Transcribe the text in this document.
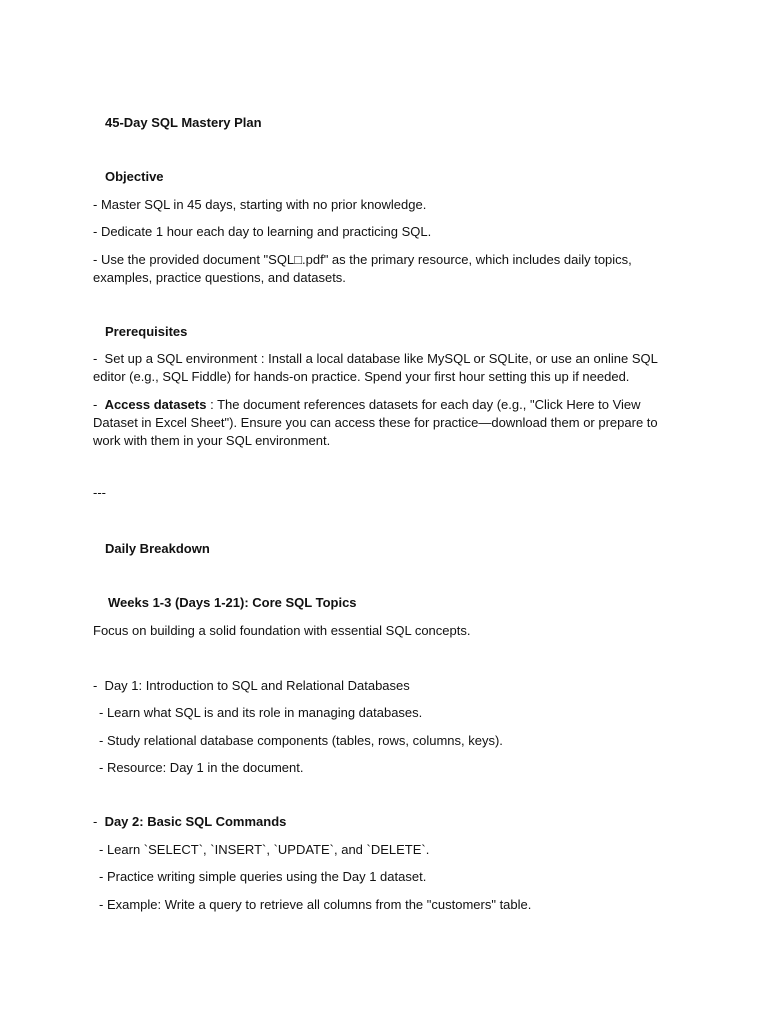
45-Day SQL Mastery Plan
Objective
- Master SQL in 45 days, starting with no prior knowledge.
- Dedicate 1 hour each day to learning and practicing SQL.
- Use the provided document "SQL□.pdf" as the primary resource, which includes daily topics, examples, practice questions, and datasets.
Prerequisites
-  Set up a SQL environment : Install a local database like MySQL or SQLite, or use an online SQL editor (e.g., SQL Fiddle) for hands-on practice. Spend your first hour setting this up if needed.
-  Access datasets : The document references datasets for each day (e.g., "Click Here to View Dataset in Excel Sheet"). Ensure you can access these for practice—download them or prepare to work with them in your SQL environment.
---
Daily Breakdown
Weeks 1-3 (Days 1-21): Core SQL Topics
Focus on building a solid foundation with essential SQL concepts.
-  Day 1: Introduction to SQL and Relational Databases
- Learn what SQL is and its role in managing databases.
- Study relational database components (tables, rows, columns, keys).
- Resource: Day 1 in the document.
-  Day 2: Basic SQL Commands
- Learn `SELECT`, `INSERT`, `UPDATE`, and `DELETE`.
- Practice writing simple queries using the Day 1 dataset.
- Example: Write a query to retrieve all columns from the "customers" table.
